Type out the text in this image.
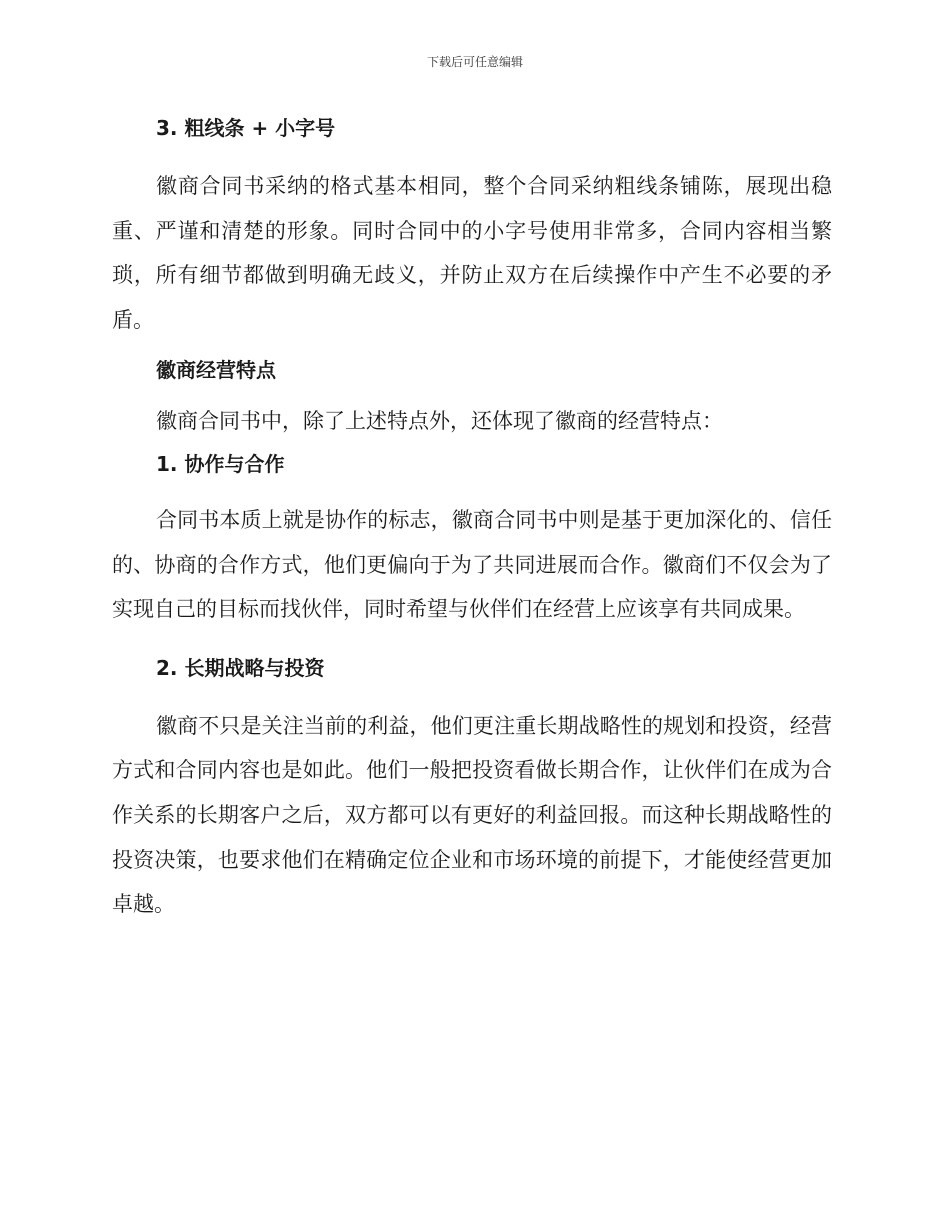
下载后可任意编辑
3. 粗线条 + 小字号

徽商合同书采纳的格式基本相同，整个合同采纳粗线条铺陈，展现出稳重、严谨和清楚的形象。同时合同中的小字号使用非常多，合同内容相当繁琐，所有细节都做到明确无歧义，并防止双方在后续操作中产生不必要的矛盾。

徽商经营特点

徽商合同书中，除了上述特点外，还体现了徽商的经营特点：

1. 协作与合作

合同书本质上就是协作的标志，徽商合同书中则是基于更加深化的、信任的、协商的合作方式，他们更偏向于为了共同进展而合作。徽商们不仅会为了实现自己的目标而找伙伴，同时希望与伙伴们在经营上应该享有共同成果。

2. 长期战略与投资

徽商不只是关注当前的利益，他们更注重长期战略性的规划和投资，经营方式和合同内容也是如此。他们一般把投资看做长期合作，让伙伴们在成为合作关系的长期客户之后，双方都可以有更好的利益回报。而这种长期战略性的投资决策，也要求他们在精确定位企业和市场环境的前提下，才能使经营更加卓越。
